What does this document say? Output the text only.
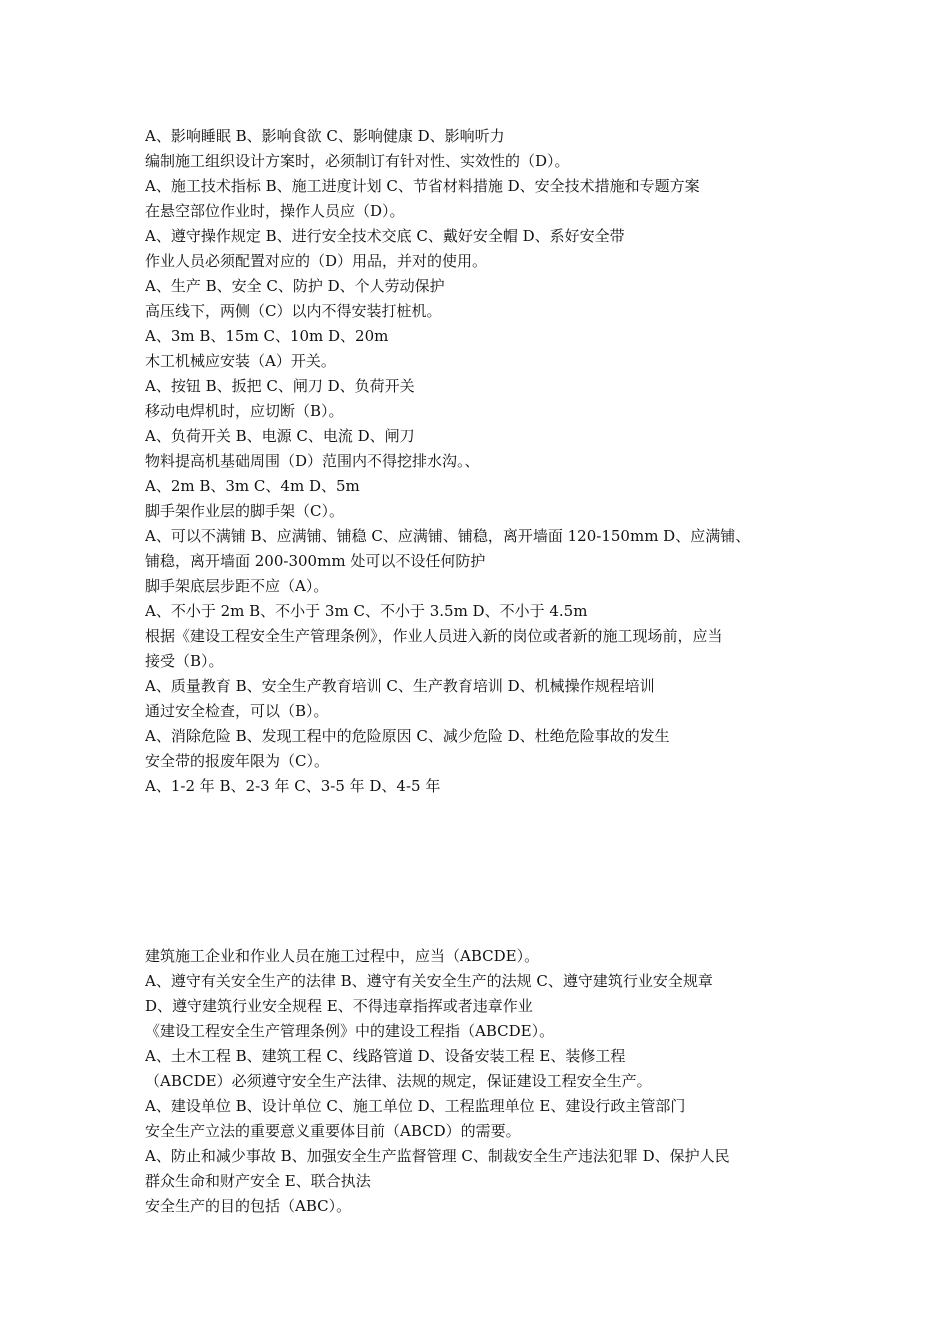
A、影响睡眠 B、影响食欲 C、影响健康 D、影响听力
编制施工组织设计方案时，必须制订有针对性、实效性的（D）。
A、施工技术指标 B、施工进度计划 C、节省材料措施 D、安全技术措施和专题方案
在悬空部位作业时，操作人员应（D）。
A、遵守操作规定 B、进行安全技术交底 C、戴好安全帽 D、系好安全带
作业人员必须配置对应的（D）用品，并对的使用。
A、生产 B、安全 C、防护 D、个人劳动保护
高压线下，两侧（C）以内不得安装打桩机。
A、3m B、15m C、10m D、20m
木工机械应安装（A）开关。
A、按钮 B、扳把 C、闸刀 D、负荷开关
移动电焊机时，应切断（B）。
A、负荷开关 B、电源 C、电流 D、闸刀
物料提高机基础周围（D）范围内不得挖排水沟。、
A、2m B、3m C、4m D、5m
脚手架作业层的脚手架（C）。
A、可以不满铺 B、应满铺、铺稳 C、应满铺、铺稳，离开墙面 120-150mm D、应满铺、
铺稳，离开墙面 200-300mm 处可以不设任何防护
脚手架底层步距不应（A）。
A、不小于 2m B、不小于 3m C、不小于 3.5m D、不小于 4.5m
根据《建设工程安全生产管理条例》，作业人员进入新的岗位或者新的施工现场前，应当
接受（B）。
A、质量教育 B、安全生产教育培训 C、生产教育培训 D、机械操作规程培训
通过安全检查，可以（B）。
A、消除危险 B、发现工程中的危险原因 C、减少危险 D、杜绝危险事故的发生
安全带的报废年限为（C）。
A、1-2 年 B、2-3 年 C、3-5 年 D、4-5 年
建筑施工企业和作业人员在施工过程中，应当（ABCDE）。
A、遵守有关安全生产的法律 B、遵守有关安全生产的法规 C、遵守建筑行业安全规章
D、遵守建筑行业安全规程 E、不得违章指挥或者违章作业
《建设工程安全生产管理条例》中的建设工程指（ABCDE）。
A、土木工程 B、建筑工程 C、线路管道 D、设备安装工程 E、装修工程
（ABCDE）必须遵守安全生产法律、法规的规定，保证建设工程安全生产。
A、建设单位 B、设计单位 C、施工单位 D、工程监理单位 E、建设行政主管部门
安全生产立法的重要意义重要体目前（ABCD）的需要。
A、防止和减少事故 B、加强安全生产监督管理 C、制裁安全生产违法犯罪 D、保护人民
群众生命和财产安全 E、联合执法
安全生产的目的包括（ABC）。
